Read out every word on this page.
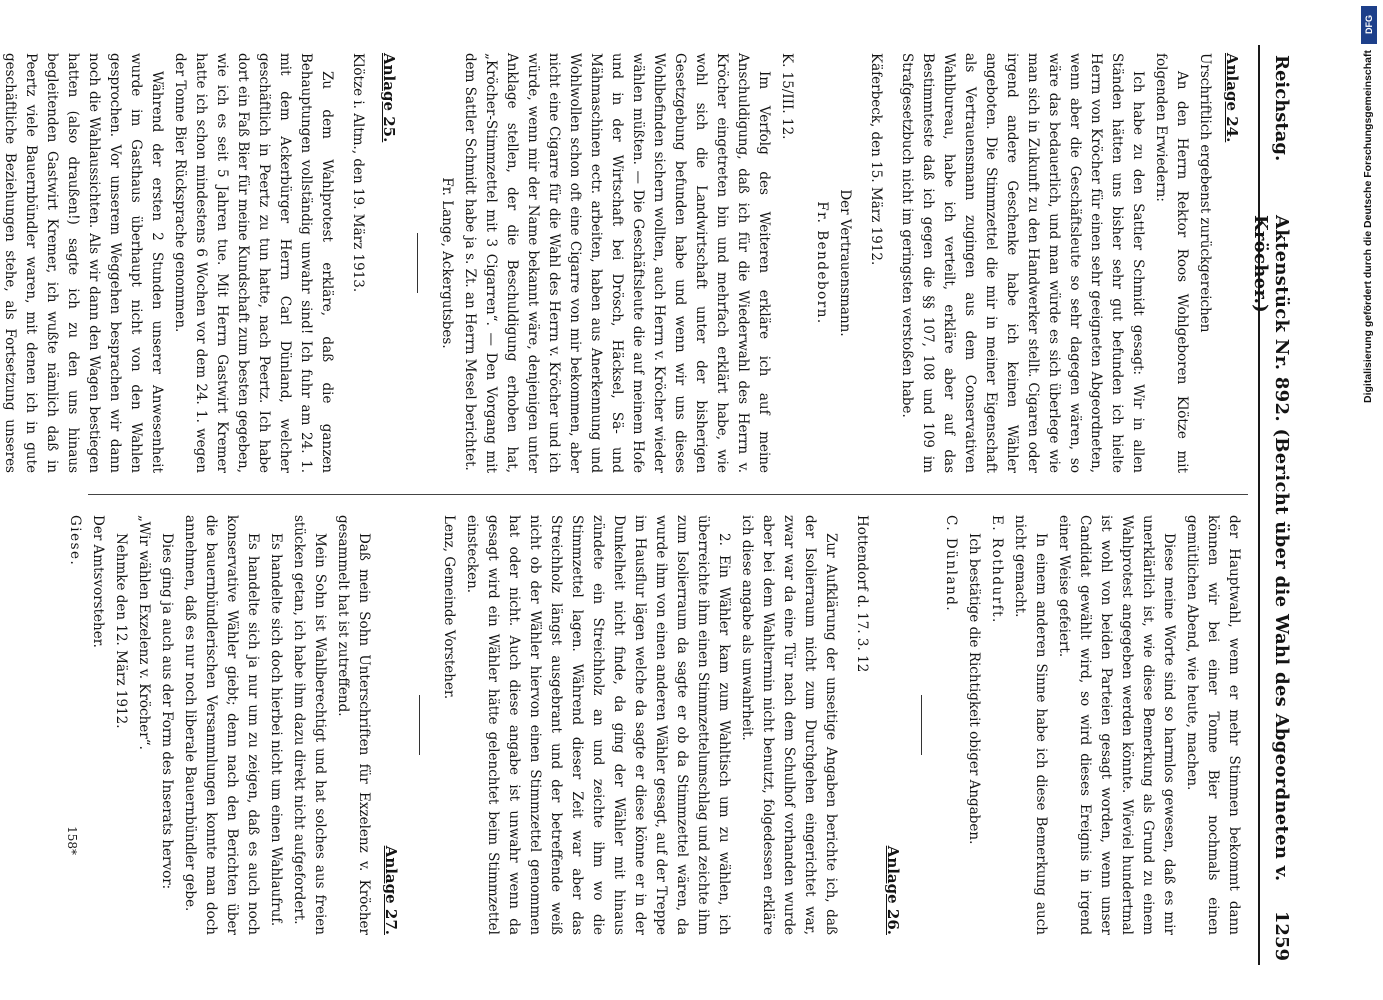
Reichstag.
Aktenstück Nr. 892. (Bericht über die Wahl des Abgeordneten v. Kröcher.)
1259
Anlage 24.

Urschriftlich ergebenst zurückgereichen

An den Herrn Rektor Roos Wohlgeboren Klötze mit folgenden Erwiedern:

Ich habe zu den Sattler Schmidt gesagt: Wir in allen Ständen hätten uns bisher sehr gut befunden ich hielte Herrn von Kröcher für einen sehr geeigneten Abgeordneten, wenn aber die Geschäftsleute so sehr dagegen wären, so wäre das bedauerlich, und man würde es sich überlege wie man sich in Zukunft zu den Handwerker stellt. Cigaren oder irgend andere Geschenke habe ich keinen Wähler angeboten. Die Stimmzettel die mir in meiner Eigenschaft als Vertrauensmann zugingen aus dem Conservativen Wahlbureau, habe ich verteilt, erkläre aber auf das Bestimmteste daß ich gegen die §§ 107, 108 und 109 im Strafgesetzbuch nicht im geringsten verstoßen habe.

Käferbeck, den 15. März 1912.

Der Vertrauensmann.

Fr. Bendeborn.

K. 15/III. 12.

Im Verfolg des Weiteren erkläre ich auf meine Anschuldigung, daß ich für die Wiederwahl des Herrn v. Kröcher eingetreten bin und mehrfach erklärt habe, wie wohl sich die Landwirtschaft unter der bisherigen Gesetzgebung befunden habe und wenn wir uns dieses Wohlbefinden sichern wollten, auch Herrn v. Kröcher wieder wählen müßten. — Die Geschäftsleute die auf meinem Hofe und in der Wirtschaft bei Drösch, Häcksel, Sä- und Mähmaschinen ectr. arbeiten, haben aus Anerkennung und Wohlwollen schon oft eine Cigarre von mir bekommen, aber nicht eine Cigarre für die Wahl des Herrn v. Kröcher und ich würde, wenn mir der Name bekannt wäre, denjenigen unter Anklage stellen, der die Beschuldigung erhoben hat, „Kröcher-Stimmzettel mit 3 Cigarren“. — Den Vorgang mit dem Sattler Schmidt habe ja s. Zt. an Herrn Mesel berichtet.

Fr. Lange, Ackergutsbes.

Anlage 25.

Klötze i. Altm., den 19. März 1913.

Zu dem Wahlprotest erkläre, daß die ganzen Behauptungen vollständig unwahr sind! Ich fuhr am 24. 1. mit dem Ackerbürger Herrn Carl Dünland, welcher geschäftlich in Peertz zu tun hatte, nach Peertz. Ich habe dort ein Faß Bier für meine Kundschaft zum besten gegeben, wie ich es seit 5 Jahren tue. Mit Herrn Gastwirt Kremer hatte ich schon mindestens 6 Wochen vor dem 24. 1. wegen der Tonne Bier Rücksprache genommen.

Während der ersten 2 Stunden unserer Anwesenheit wurde im Gasthaus überhaupt nicht von den Wahlen gesprochen. Vor unserem Weggehen besprachen wir dann noch die Wahlaussichten. Als wir dann den Wagen bestiegen hatten (also draußen!) sagte ich zu den uns hinaus begleitenden Gastwirt Kremer, ich wußte nämlich daß in Peertz viele Bauernbündler waren, mit denen ich in gute geschäftliche Beziehungen stehe, als Fortsetzung unseres

der Hauptwahl, wenn er mehr Stimmen bekommt dann können wir bei einer Tonne Bier nochmals einen gemütlichen Abend, wie heute, machen.

Diese meine Worte sind so harmlos gewesen, daß es mir unerklärlich ist, wie diese Bemerkung als Grund zu einem Wahlprotest angegeben werden könnte. Wieviel hundertmal ist wohl von beiden Parteien gesagt worden, wenn unser Candidat gewählt wird, so wird dieses Ereignis in irgend einer Weise gefeiert.

In einem anderen Sinne habe ich diese Bemerkung auch nicht gemacht.

E. Rothdurft.

Ich bestätige die Richtigkeit obiger Angaben.

C. Dünland.

Anlage 26.

Hottendorf d. 17. 3. 12

Zur Aufklärung der unseitige Angaben berichte ich, daß der Isolierraum nicht zum Durchgehen eingerichtet war, zwar war da eine Tür nach dem Schulhof vorhanden wurde aber bei dem Wahltermin nicht benutzt, folgedessen erkläre ich diese angabe als unwahrheit.

2. Ein Wähler kam zum Wahltisch um zu wählen, ich überreichte ihm einen Stimmzettelumschlag und zeichte ihm zum Isolierraum da sagte er ob da Stimmzettel wären, da wurde ihm von einen anderen Wähler gesagt, auf der Treppe im Hausflur lägen welche da sagte er diese könne er in der Dunkelheit nicht finde, da ging der Wähler mit hinaus zündete ein Streichholz an und zeichte ihm wo die Stimmzettel lagen. Während dieser Zeit war aber das Streichholz längst ausgebrant und der betreffende weiß nicht ob der Wähler hiervon einen Stimmzettel genommen hat oder nicht. Auch diese angabe ist unwahr wenn da gesagt wird ein Wähler hätte gelenchtet beim Stimmzettel einstecken.

Lenz, Gemeinde Vorsteher.

Anlage 27.

Daß mein Sohn Unterschriften für Exzelenz v. Kröcher gesammelt hat ist zutreffend.

Mein Sohn ist Wahlberechtigt und hat solches aus freien stücken getan, ich habe ihm dazu direkt nicht aufgefordert.

Es handelte sich doch hierbei nicht um einen Wahlaufruf.

Es handelte sich ja nur um zu zeigen, daß es auch noch konservative Wähler giebt; denn nach den Berichten über die bauernbündlerischen Versammlungen konnte man doch annehmen, daß es nur noch liberale Bauernbündler gebe.

Dies ging ja auch aus der Form des Inserats hervor:

„Wir wählen Exzelenz v. Kröcher“.

Nehmke den 12. März 1912.

Der Amtsvorsteher.

Giese.

158*
DFG
Digitalisierung gefördert durch die Deutsche Forschungsgemeinschaft
